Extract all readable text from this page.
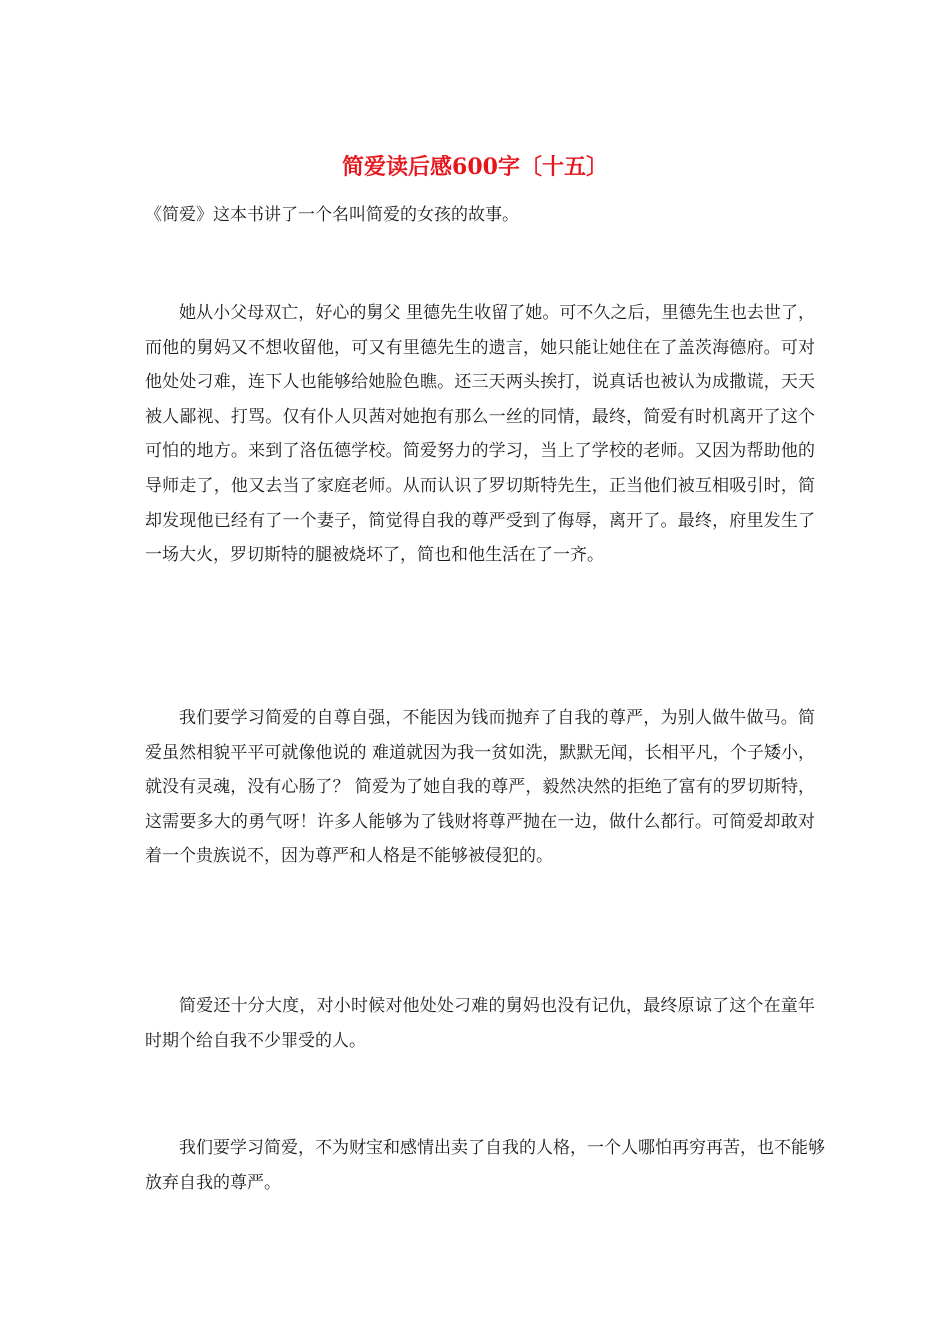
简爱读后感600字〔十五〕

《简爱》这本书讲了一个名叫简爱的女孩的故事。

她从小父母双亡，好心的舅父 里德先生收留了她。可不久之后，里德先生也去世了，而他的舅妈又不想收留他，可又有里德先生的遗言，她只能让她住在了盖茨海德府。可对他处处刁难，连下人也能够给她脸色瞧。还三天两头挨打，说真话也被认为成撒谎，天天被人鄙视、打骂。仅有仆人贝茜对她抱有那么一丝的同情，最终，简爱有时机离开了这个可怕的地方。来到了洛伍德学校。简爱努力的学习，当上了学校的老师。又因为帮助他的导师走了，他又去当了家庭老师。从而认识了罗切斯特先生，正当他们被互相吸引时，简却发现他已经有了一个妻子，简觉得自我的尊严受到了侮辱，离开了。最终，府里发生了一场大火，罗切斯特的腿被烧坏了，简也和他生活在了一齐。

我们要学习简爱的自尊自强，不能因为钱而抛弃了自我的尊严，为别人做牛做马。简爱虽然相貌平平可就像他说的 难道就因为我一贫如洗，默默无闻，长相平凡，个子矮小，就没有灵魂，没有心肠了？ 简爱为了她自我的尊严，毅然决然的拒绝了富有的罗切斯特，这需要多大的勇气呀！许多人能够为了钱财将尊严抛在一边，做什么都行。可简爱却敢对着一个贵族说不，因为尊严和人格是不能够被侵犯的。

简爱还十分大度，对小时候对他处处刁难的舅妈也没有记仇，最终原谅了这个在童年时期个给自我不少罪受的人。

我们要学习简爱，不为财宝和感情出卖了自我的人格，一个人哪怕再穷再苦，也不能够放弃自我的尊严。
